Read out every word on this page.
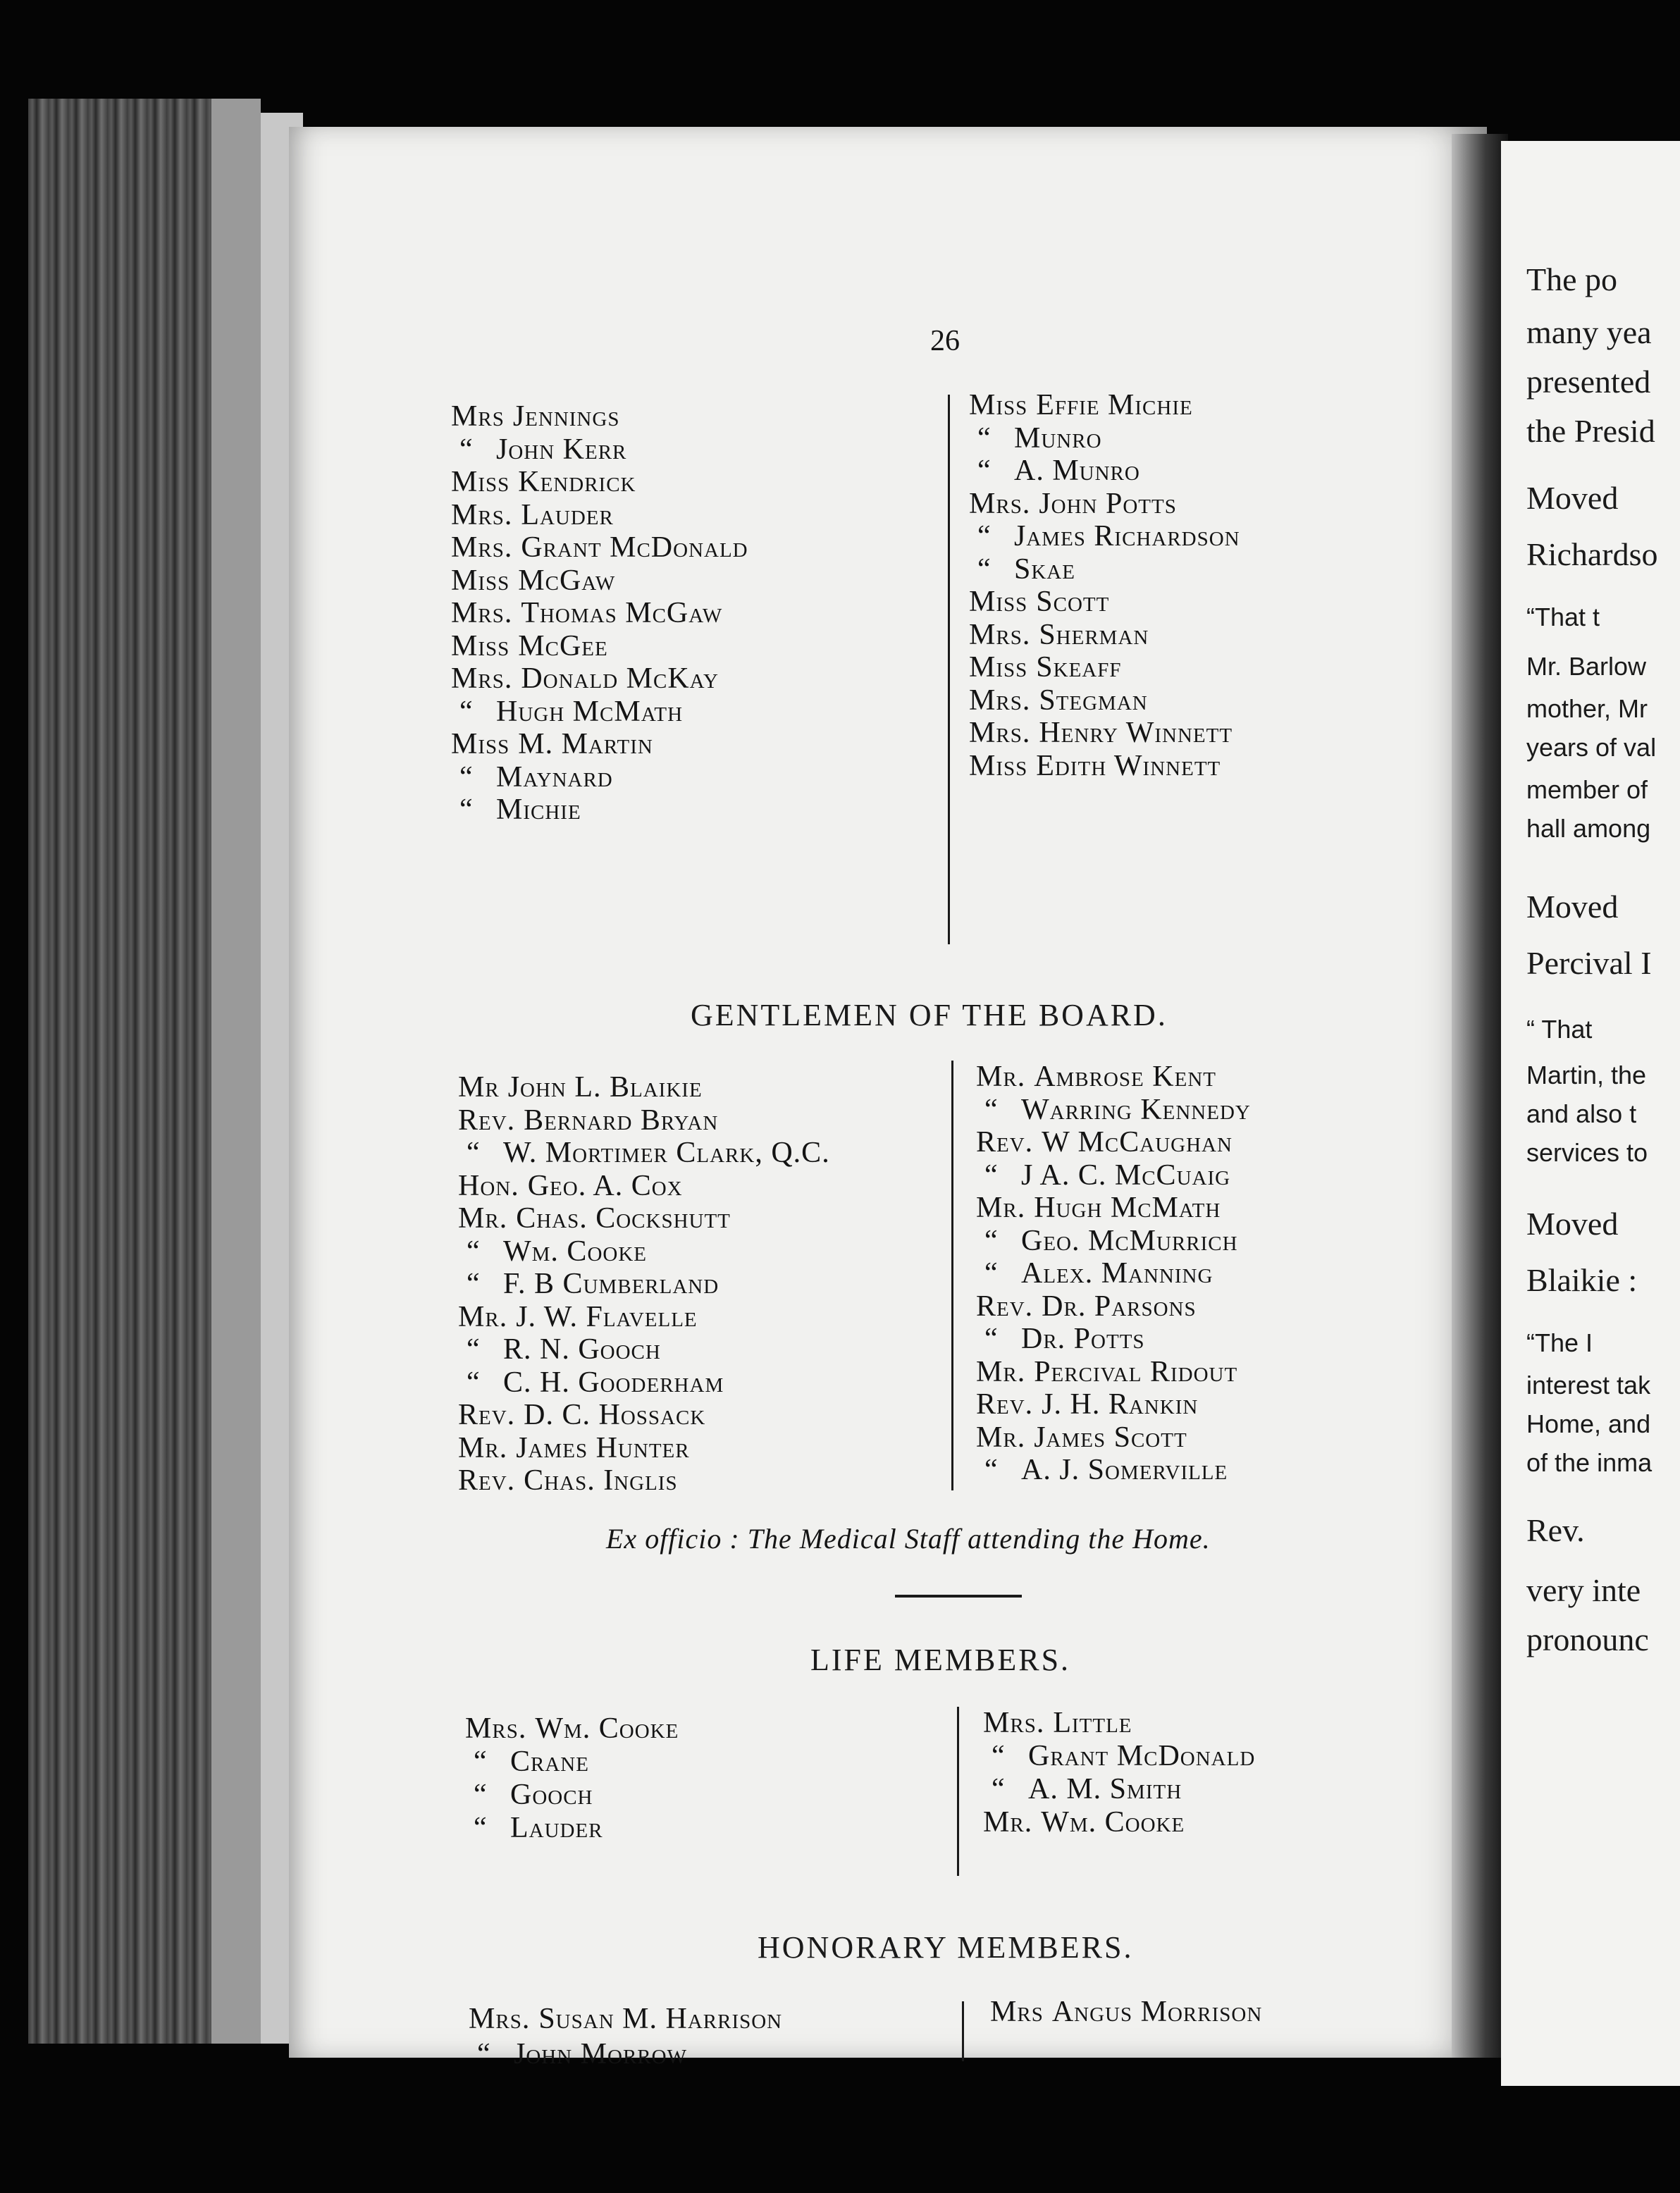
26
Mrs Jennings
“ John Kerr
Miss Kendrick
Mrs. Lauder
Mrs. Grant McDonald
Miss McGaw
Mrs. Thomas McGaw
Miss McGee
Mrs. Donald McKay
“ Hugh McMath
Miss M. Martin
“ Maynard
“ Michie
Miss Effie Michie
“ Munro
“ A. Munro
Mrs. John Potts
“ James Richardson
“ Skae
Miss Scott
Mrs. Sherman
Miss Skeaff
Mrs. Stegman
Mrs. Henry Winnett
Miss Edith Winnett
GENTLEMEN OF THE BOARD.
Mr John L. Blaikie
Rev. Bernard Bryan
“ W. Mortimer Clark, Q.C.
Hon. Geo. A. Cox
Mr. Chas. Cockshutt
“ Wm. Cooke
“ F. B Cumberland
Mr. J. W. Flavelle
“ R. N. Gooch
“ C. H. Gooderham
Rev. D. C. Hossack
Mr. James Hunter
Rev. Chas. Inglis
Mr. Ambrose Kent
“ Warring Kennedy
Rev. W McCaughan
“ J A. C. McCuaig
Mr. Hugh McMath
“ Geo. McMurrich
“ Alex. Manning
Rev. Dr. Parsons
“ Dr. Potts
Mr. Percival Ridout
Rev. J. H. Rankin
Mr. James Scott
“ A. J. Somerville
Ex officio : The Medical Staff attending the Home.
LIFE MEMBERS.
Mrs. Wm. Cooke
“ Crane
“ Gooch
“ Lauder
Mrs. Little
“ Grant McDonald
“ A. M. Smith
Mr. Wm. Cooke
HONORARY MEMBERS.
Mrs. Susan M. Harrison
“ John Morrow
Mrs Angus Morrison
The po
many yea
presented
the Presid
Moved
Richardso
“That t
Mr. Barlow
mother, Mr
years of val
member of
hall among
Moved
Percival I
“ That
Martin, the
and also t
services to
Moved
Blaikie :
“The I
interest tak
Home, and
of the inma
Rev.
very inte
pronounc
